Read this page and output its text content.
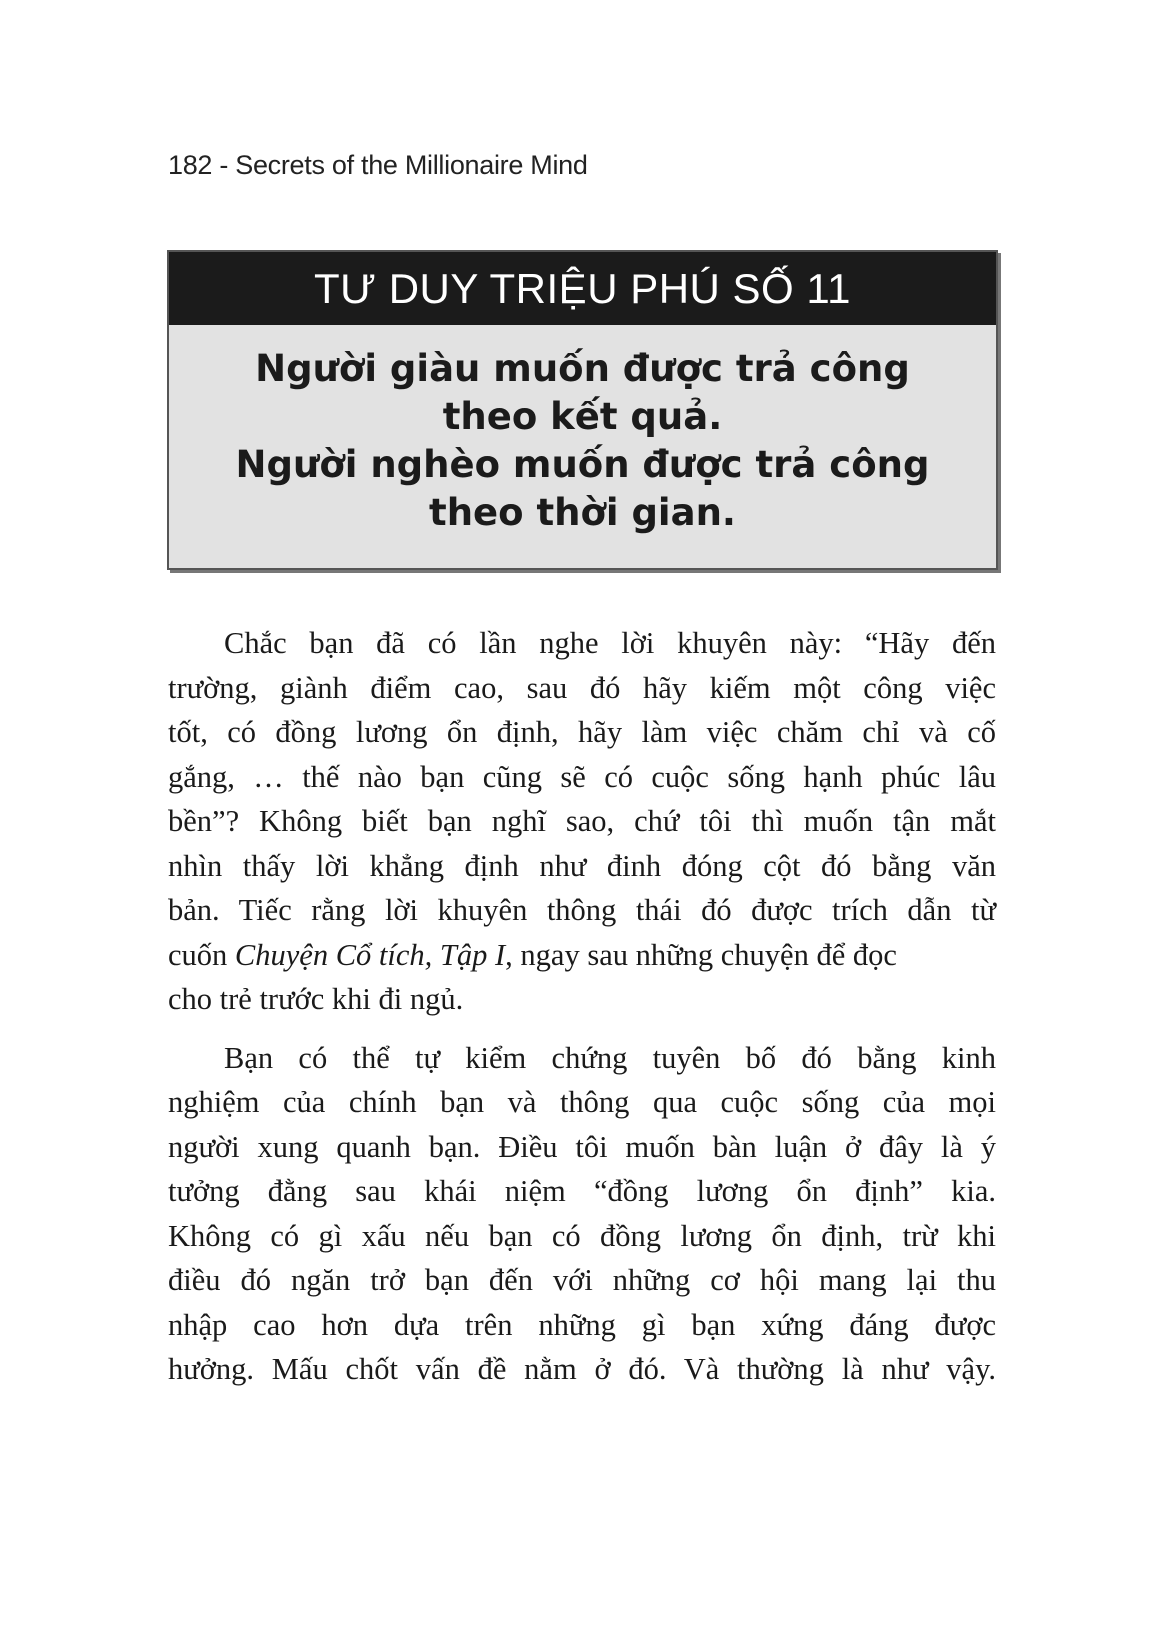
182 - Secrets of the Millionaire Mind
TƯ DUY TRIỆU PHÚ SỐ 11
Người giàu muốn được trả công
theo kết quả.
Người nghèo muốn được trả công
theo thời gian.
Chắc bạn đã có lần nghe lời khuyên này: “Hãy đến
trường, giành điểm cao, sau đó hãy kiếm một công việc
tốt, có đồng lương ổn định, hãy làm việc chăm chỉ và cố
gắng, … thế nào bạn cũng sẽ có cuộc sống hạnh phúc lâu
bền”? Không biết bạn nghĩ sao, chứ tôi thì muốn tận mắt
nhìn thấy lời khẳng định như đinh đóng cột đó bằng văn
bản. Tiếc rằng lời khuyên thông thái đó được trích dẫn từ
cuốn Chuyện Cổ tích, Tập I, ngay sau những chuyện để đọc
cho trẻ trước khi đi ngủ.
Bạn có thể tự kiểm chứng tuyên bố đó bằng kinh
nghiệm của chính bạn và thông qua cuộc sống của mọi
người xung quanh bạn. Điều tôi muốn bàn luận ở đây là ý
tưởng đằng sau khái niệm “đồng lương ổn định” kia.
Không có gì xấu nếu bạn có đồng lương ổn định, trừ khi
điều đó ngăn trở bạn đến với những cơ hội mang lại thu
nhập cao hơn dựa trên những gì bạn xứng đáng được
hưởng. Mấu chốt vấn đề nằm ở đó. Và thường là như vậy.
